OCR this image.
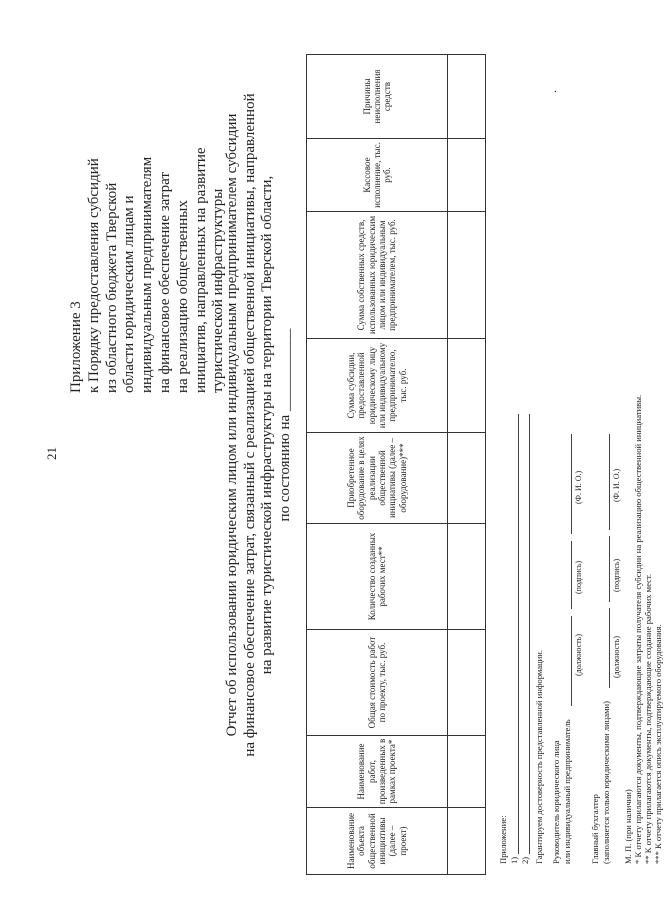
21
.
Приложение 3 к Порядку предоставления субсидий из областного бюджета Тверской области юридическим лицам и индивидуальным предпринимателям на финансовое обеспечение затрат на реализацию общественных инициатив, направленных на развитие туристической инфраструктуры
Отчет об использовании юридическим лицом или индивидуальным предпринимателем субсидии на финансовое обеспечение затрат, связанный с реализацией общественной инициативы, направленной на развитие туристической инфраструктуры на территории Тверской области, по состоянию на ___________
Наименование объекта общественной инициативы (далее – проект)	Наименование работ, произведенных в рамках проекта*	Общая стоимость работ по проекту, тыс. руб.	Количество созданных рабочих мест**	Приобретенное оборудование в целях реализации общественной инициативы (далее – оборудование)***	Сумма субсидии, предоставленной юридическому лицу или индивидуальному предпринимателю, тыс. руб.	Сумма собственных средств, использованных юридическим лицом или индивидуальным предпринимателем, тыс. руб.	Кассовое исполнение, тыс. руб.	Причины неисполнения средств

Приложение: 1) 2) Гарантируем достоверность представленной информации. Руководитель юридического лица или индивидуальный предприниматель
(должность)
(подпись)
(Ф. И. О.)
Главный бухгалтер (заполняется только юридическими лицами)
(должность)
(подпись)
(Ф. И. О.)
М. П. (при наличии) * К отчету прилагаются документы, подтверждающие затраты получателя субсидии на реализацию общественной инициативы. ** К отчету прилагаются документы, подтверждающие создание рабочих мест. *** К отчету прилагается опись эксплуатируемого оборудования.
